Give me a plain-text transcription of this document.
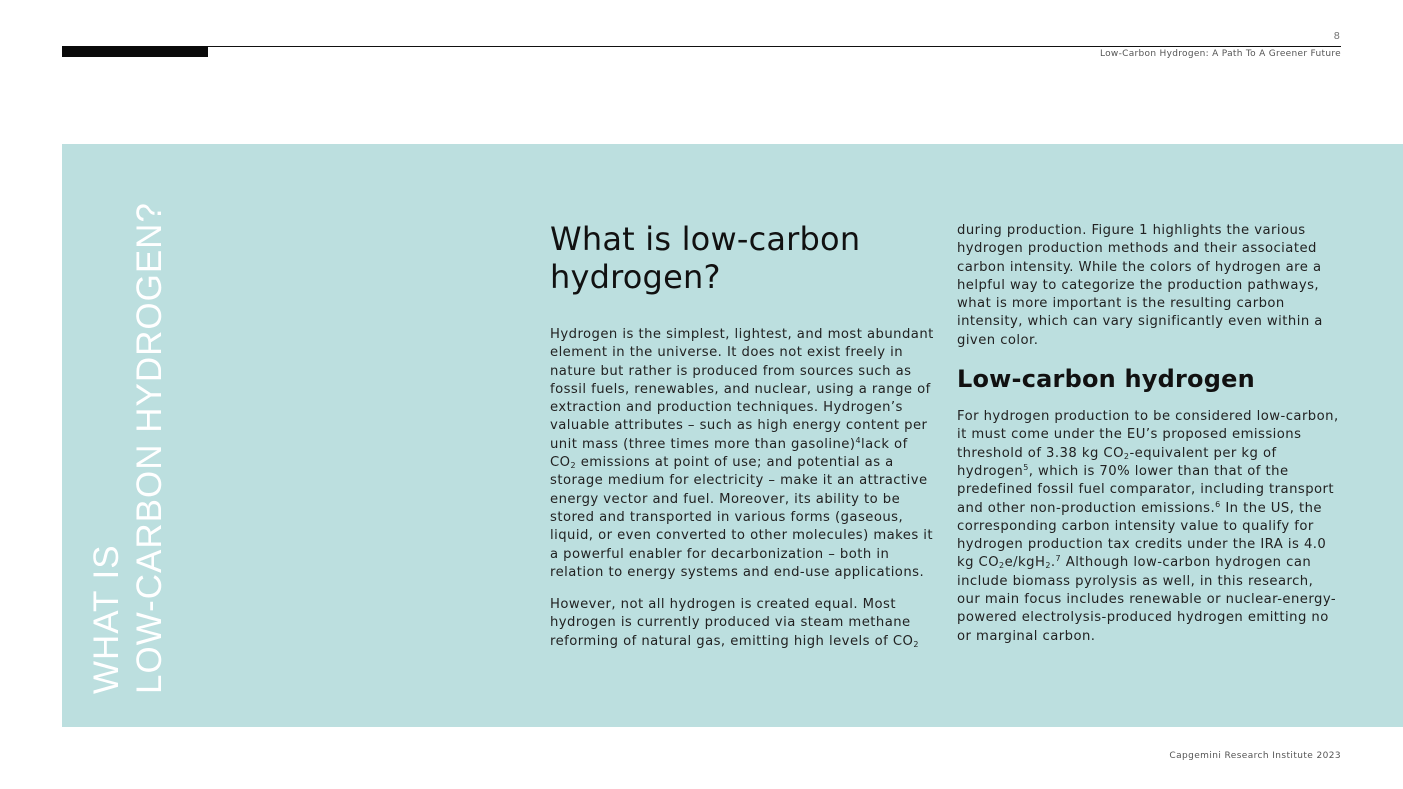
8
Low-Carbon Hydrogen: A Path To A Greener Future
WHAT IS LOW-CARBON HYDROGEN?	What is low-carbon hydrogen?

Hydrogen is the simplest, lightest, and most abundant element in the universe. It does not exist freely in nature but rather is produced from sources such as fossil fuels, renewables, and nuclear, using a range of extraction and production techniques. Hydrogen’s valuable attributes – such as high energy content per unit mass (three times more than gasoline)$^4$lack of $CO_2$ emissions at point of use; and potential as a storage medium for electricity – make it an attractive energy vector and fuel. Moreover, its ability to be stored and transported in various forms (gaseous, liquid, or even converted to other molecules) makes it a powerful enabler for decarbonization – both in relation to energy systems and end-use applications.

However, not all hydrogen is created equal. Most hydrogen is currently produced via steam methane reforming of natural gas, emitting high levels of $CO_2$

during production. Figure 1 highlights the various hydrogen production methods and their associated carbon intensity. While the colors of hydrogen are a helpful way to categorize the production pathways, what is more important is the resulting carbon intensity, which can vary significantly even within a given color.

Low-carbon hydrogen

For hydrogen production to be considered low-carbon, it must come under the EU’s proposed emissions threshold of 3.38 kg $CO_2$-equivalent per kg of hydrogen$^5$, which is 70% lower than that of the predefined fossil fuel comparator, including transport and other non-production emissions.$^6$ In the US, the corresponding carbon intensity value to qualify for hydrogen production tax credits under the IRA is 4.0 kg $CO_2e/kgH_2.^7$ Although low-carbon hydrogen can include biomass pyrolysis as well, in this research, our main focus includes renewable or nuclear-energy-powered electrolysis-produced hydrogen emitting no or marginal carbon.

Capgemini Research Institute 2023
